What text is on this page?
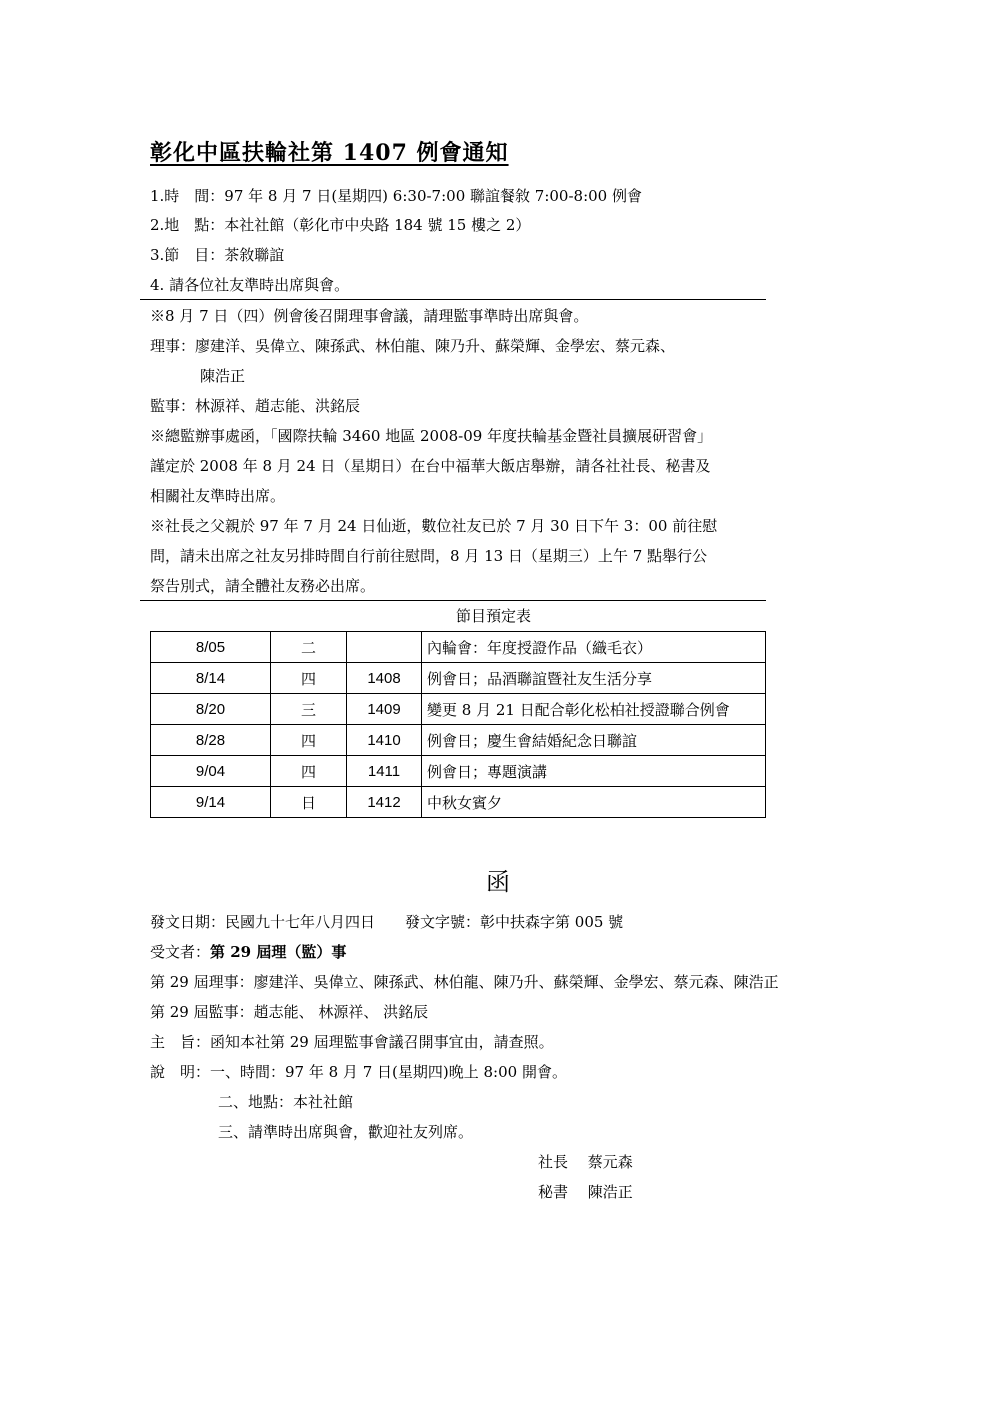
彰化中區扶輪社第 1407 例會通知
1.時　間：97 年 8 月 7 日(星期四) 6:30-7:00 聯誼餐敘 7:00-8:00 例會
2.地　點：本社社館（彰化市中央路 184 號 15 樓之 2）
3.節　目：茶敘聯誼
4. 請各位社友準時出席與會。
※8 月 7 日（四）例會後召開理事會議，請理監事準時出席與會。
理事：廖建洋、吳偉立、陳孫武、林伯龍、陳乃升、蘇榮輝、金學宏、蔡元森、
陳浩正
監事：林源祥、趙志能、洪銘辰
※總監辦事處函，「國際扶輪 3460 地區 2008-09 年度扶輪基金暨社員擴展研習會」
謹定於 2008 年 8 月 24 日（星期日）在台中福華大飯店舉辦，請各社社長、秘書及
相關社友準時出席。
※社長之父親於 97 年 7 月 24 日仙逝，數位社友已於 7 月 30 日下午 3：00 前往慰
問，請未出席之社友另排時間自行前往慰問，8 月 13 日（星期三）上午 7 點舉行公
祭告別式，請全體社友務必出席。
節目預定表
8/05	二		內輪會：年度授證作品（織毛衣）
8/14	四	1408	例會日；品酒聯誼暨社友生活分享
8/20	三	1409	變更 8 月 21 日配合彰化松柏社授證聯合例會
8/28	四	1410	例會日；慶生會結婚紀念日聯誼
9/04	四	1411	例會日；專題演講
9/14	日	1412	中秋女賓夕
函
發文日期：民國九十七年八月四日　　發文字號：彰中扶森字第 005 號
受文者：第 29 屆理（監）事
第 29 屆理事：廖建洋、吳偉立、陳孫武、林伯龍、陳乃升、蘇榮輝、金學宏、蔡元森、陳浩正
第 29 屆監事：趙志能、 林源祥、 洪銘辰
主　旨：函知本社第 29 屆理監事會議召開事宜由，請查照。
說　明：一、時間：97 年 8 月 7 日(星期四)晚上 8:00 開會。
二、地點：本社社館
三、請準時出席與會，歡迎社友列席。
社長　 蔡元森
秘書　 陳浩正
